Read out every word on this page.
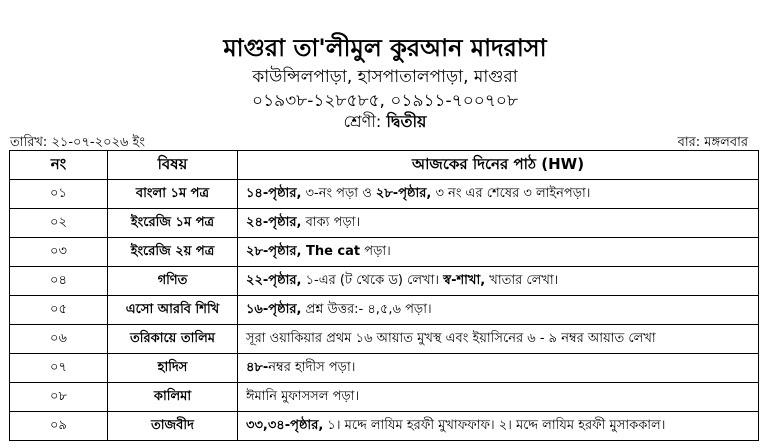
মাগুরা তা'লীমুল কুরআন মাদরাসা
কাউন্সিলপাড়া, হাসপাতালপাড়া, মাগুরা
০১৯৩৮-১২৮৫৮৫, ০১৯১১-৭০০৭০৮
শ্রেণী: দ্বিতীয়
তারিখ: ২১-০৭-২০২৬ ইং	বার: মঙ্গলবার
নং	বিষয়	আজকের দিনের পাঠ (HW)
০১	বাংলা ১ম পত্র	১৪-পৃষ্ঠার, ৩-নং পড়া ও ২৮-পৃষ্ঠার, ৩ নং এর শেষের ৩ লাইনপড়া।
০২	ইংরেজি ১ম পত্র	২৪-পৃষ্ঠার, বাক্য পড়া।
০৩	ইংরেজি ২য় পত্র	২৮-পৃষ্ঠার, The cat পড়া।
০৪	গণিত	২২-পৃষ্ঠার, ১-এর (ট থেকে ড) লেখা। স্ব-শাখা, খাতার লেখা।
০৫	এসো আরবি শিখি	১৬-পৃষ্ঠার, প্রশ্ন উত্তর:- ৪,৫,৬ পড়া।
০৬	তরিকায়ে তালিম	সূরা ওয়াকিয়ার প্রথম ১৬ আয়াত মুখস্থ এবং ইয়াসিনের ৬ - ৯ নম্বর আয়াত লেখা
০৭	হাদিস	৪৮-নম্বর হাদীস পড়া।
০৮	কালিমা	ঈমানি মুফাসসল পড়া।
০৯	তাজবীদ	৩৩,৩৪-পৃষ্ঠার, ১। মদ্দে লাযিম হরফী মুখাফফাফ। ২। মদ্দে লাযিম হরফী মুসাককাল।
